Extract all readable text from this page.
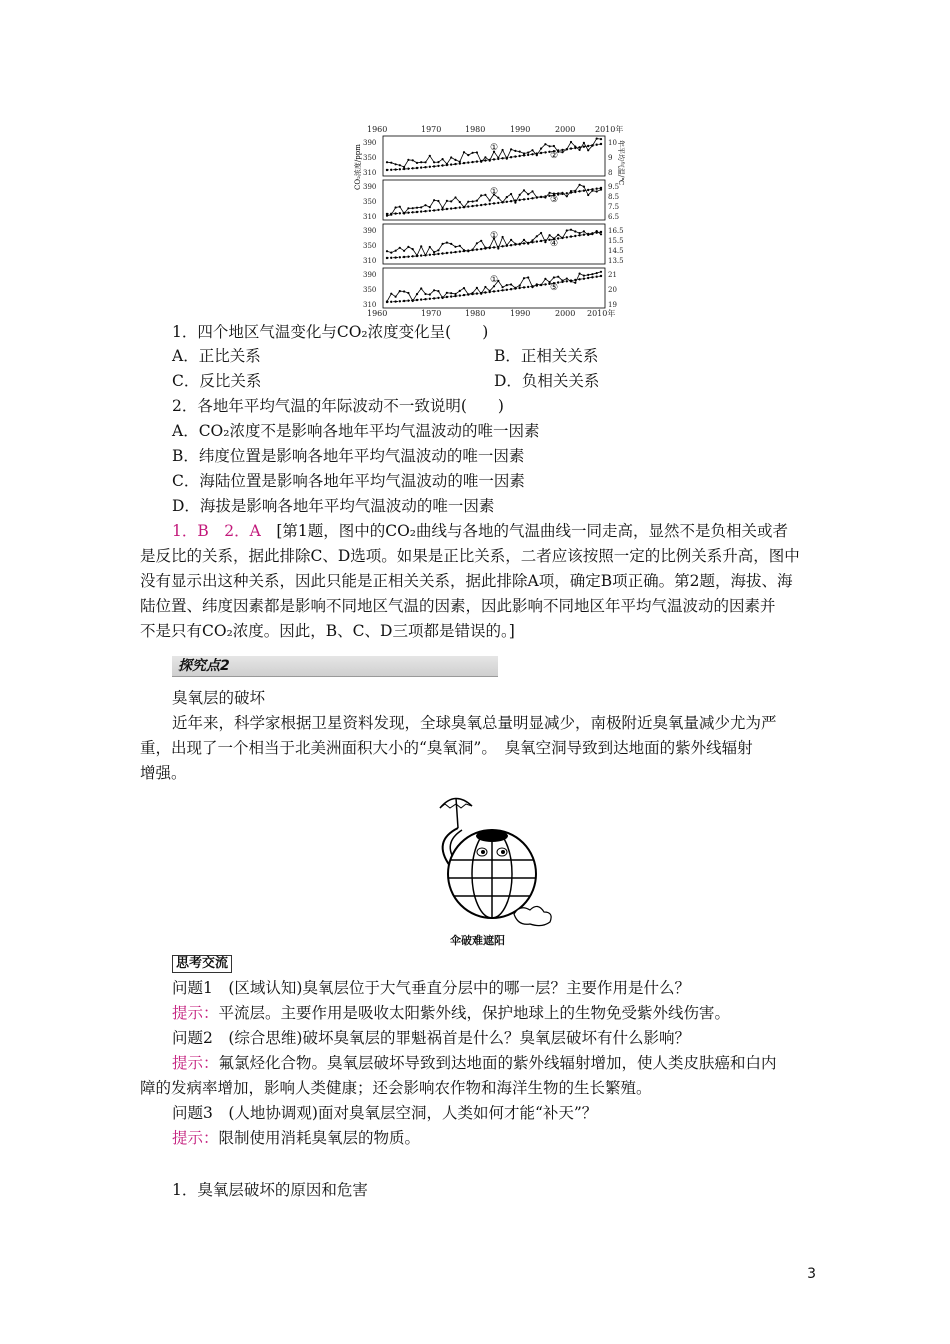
1960	1970	1980	1990	2000 2010年
CO₂浓度/ppm	年平均气温/℃
390
350
310
10
9
8
①
②
390
350
310
9.5
8.5
7.5
6.5
①
③
390
350
310
16.5
15.5
14.5
13.5
①
④
390
350
310
21
20
19
①
⑤
1960	1970	1980	1990	2000 2010年
1．四个地区气温变化与CO₂浓度变化呈(　　)
A．正比关系	B．正相关关系
C．反比关系	D．负相关关系
2．各地年平均气温的年际波动不一致说明(　　)
A．CO₂浓度不是影响各地年平均气温波动的唯一因素
B．纬度位置是影响各地年平均气温波动的唯一因素
C．海陆位置是影响各地年平均气温波动的唯一因素
D．海拔是影响各地年平均气温波动的唯一因素
1．B　2．A　 [第1题，图中的CO₂曲线与各地的气温曲线一同走高，显然不是负相关或者
是反比的关系，据此排除C、D选项。如果是正比关系，二者应该按照一定的比例关系升高，图中
没有显示出这种关系，因此只能是正相关关系，据此排除A项，确定B项正确。第2题，海拔、海
陆位置、纬度因素都是影响不同地区气温的因素，因此影响不同地区年平均气温波动的因素并
不是只有CO₂浓度。因此，B、C、D三项都是错误的。]
探究点2
臭氧层的破坏
近年来，科学家根据卫星资料发现，全球臭氧总量明显减少，南极附近臭氧量减少尤为严
重，出现了一个相当于北美洲面积大小的“臭氧洞”。　臭氧空洞导致到达地面的紫外线辐射
增强。
伞破难遮阳
思考交流
问题1　(区域认知)臭氧层位于大气垂直分层中的哪一层？主要作用是什么？
提示：平流层。主要作用是吸收太阳紫外线，保护地球上的生物免受紫外线伤害。
问题2　(综合思维)破坏臭氧层的罪魁祸首是什么？臭氧层破坏有什么影响？
提示：氟氯烃化合物。臭氧层破坏导致到达地面的紫外线辐射增加，使人类皮肤癌和白内
障的发病率增加，影响人类健康；还会影响农作物和海洋生物的生长繁殖。
问题3　(人地协调观)面对臭氧层空洞，人类如何才能“补天”？
提示：限制使用消耗臭氧层的物质。
1．臭氧层破坏的原因和危害
3
